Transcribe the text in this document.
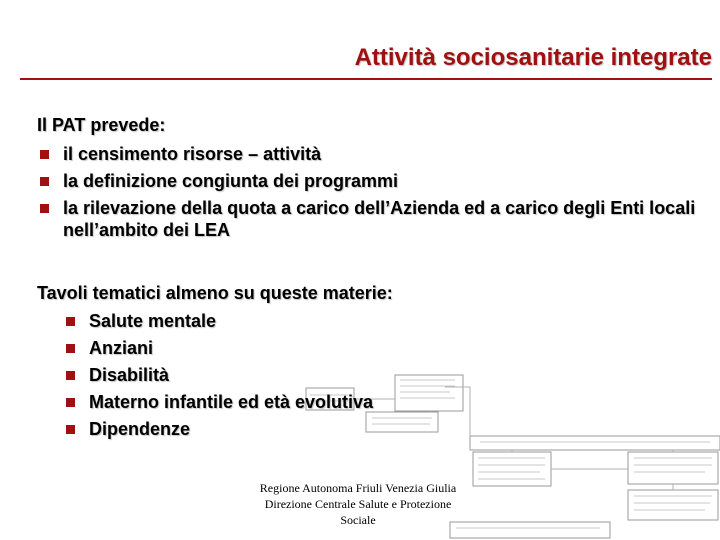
Attività sociosanitarie integrate
Il PAT prevede:
il censimento risorse – attività
la definizione congiunta dei programmi
la rilevazione della quota a carico dell’Azienda ed a carico degli Enti locali nell’ambito dei LEA
Tavoli tematici almeno su queste materie:
Salute mentale
Anziani
Disabilità
Materno infantile ed età evolutiva
Dipendenze
Regione Autonoma Friuli Venezia Giulia
Direzione Centrale Salute e Protezione
Sociale
